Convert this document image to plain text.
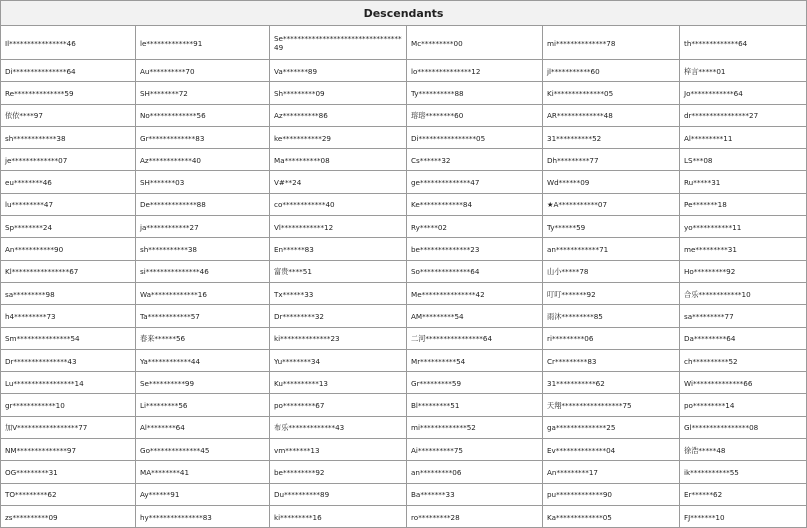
Descendants					
Il****************46	le*************91	Se*********************************49	Mc*********00	mi**************78	th*************64
Di***************64	Au**********70	Va*******89	lo***************12	jl***********60	梓言*****01
Re**************59	SH********72	Sh*********09	Ty**********88	Ki**************05	Jo************64
依依****97	No*************56	Az**********86	瑢瑢********60	AR*************48	dr****************27
sh************38	Gr*************83	ke***********29	Di****************05	31**********52	Al*********11
je*************07	Az************40	Ma**********08	Cs******32	Dh*********77	LS***08
eu********46	SH*******03	V#**24	ge**************47	Wd******09	Ru*****31
lu*********47	De*************88	co************40	Ke************84	★A***********07	Pe*******18
Sp********24	ja************27	Vl************12	Ry*****02	Ty******59	yo***********11
An***********90	sh***********38	En******83	be**************23	an************71	me*********31
Kl****************67	si***************46	富贵****51	So**************64	山小*****78	Ho*********92
sa*********98	Wa*************16	Tx******33	Me***************42	叮叮*******92	合乐************10
h4*********73	Ta************57	Dr*********32	AM*********54	雨沐*********85	sa*********77
Sm***************54	春来******56	ki**************23	二河****************64	ri*********06	Da*********64
Dr***************43	Ya************44	Yu********34	Mr**********54	Cr*********83	ch**********52
Lu*****************14	Se**********99	Ku**********13	Gr*********59	31***********62	Wi**************66
gr************10	Li*********56	po*********67	Bl*********51	天翔*****************75	po*********14
加V*****************77	Al********64	布乐*************43	mi*************52	ga**************25	Gl****************08
NM**************97	Go**************45	vm*******13	Ai**********75	Ev**************04	徐浩*****48
OG*********31	MA********41	be*********92	an*********06	An*********17	ik***********55
TO*********62	Ay******91	Du**********89	Ba*******33	pu*************90	Er******62
zs**********09	hy***************83	ki*********16	ro*********28	Ka*************05	FJ*******10
